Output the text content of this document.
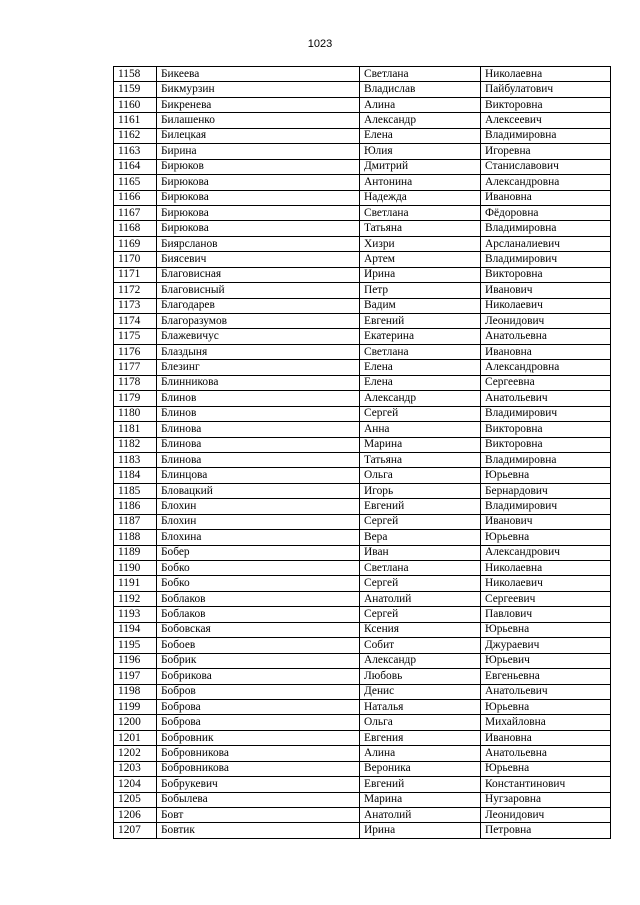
1023
1158	Бикеева	Светлана	Николаевна
1159	Бикмурзин	Владислав	Пайбулатович
1160	Бикренева	Алина	Викторовна
1161	Билашенко	Александр	Алексеевич
1162	Билецкая	Елена	Владимировна
1163	Бирина	Юлия	Игоревна
1164	Бирюков	Дмитрий	Станиславович
1165	Бирюкова	Антонина	Александровна
1166	Бирюкова	Надежда	Ивановна
1167	Бирюкова	Светлана	Фёдоровна
1168	Бирюкова	Татьяна	Владимировна
1169	Биярсланов	Хизри	Арсланалиевич
1170	Биясевич	Артем	Владимирович
1171	Благовисная	Ирина	Викторовна
1172	Благовисный	Петр	Иванович
1173	Благодарев	Вадим	Николаевич
1174	Благоразумов	Евгений	Леонидович
1175	Блажевичус	Екатерина	Анатольевна
1176	Блаздыня	Светлана	Ивановна
1177	Блезинг	Елена	Александровна
1178	Блинникова	Елена	Сергеевна
1179	Блинов	Александр	Анатольевич
1180	Блинов	Сергей	Владимирович
1181	Блинова	Анна	Викторовна
1182	Блинова	Марина	Викторовна
1183	Блинова	Татьяна	Владимировна
1184	Блинцова	Ольга	Юрьевна
1185	Бловацкий	Игорь	Бернардович
1186	Блохин	Евгений	Владимирович
1187	Блохин	Сергей	Иванович
1188	Блохина	Вера	Юрьевна
1189	Бобер	Иван	Александрович
1190	Бобко	Светлана	Николаевна
1191	Бобко	Сергей	Николаевич
1192	Боблаков	Анатолий	Сергеевич
1193	Боблаков	Сергей	Павлович
1194	Бобовская	Ксения	Юрьевна
1195	Бобоев	Собит	Джураевич
1196	Бобрик	Александр	Юрьевич
1197	Бобрикова	Любовь	Евгеньевна
1198	Бобров	Денис	Анатольевич
1199	Боброва	Наталья	Юрьевна
1200	Боброва	Ольга	Михайловна
1201	Бобровник	Евгения	Ивановна
1202	Бобровникова	Алина	Анатольевна
1203	Бобровникова	Вероника	Юрьевна
1204	Бобрукевич	Евгений	Константинович
1205	Бобылева	Марина	Нугзаровна
1206	Бовт	Анатолий	Леонидович
1207	Бовтик	Ирина	Петровна
